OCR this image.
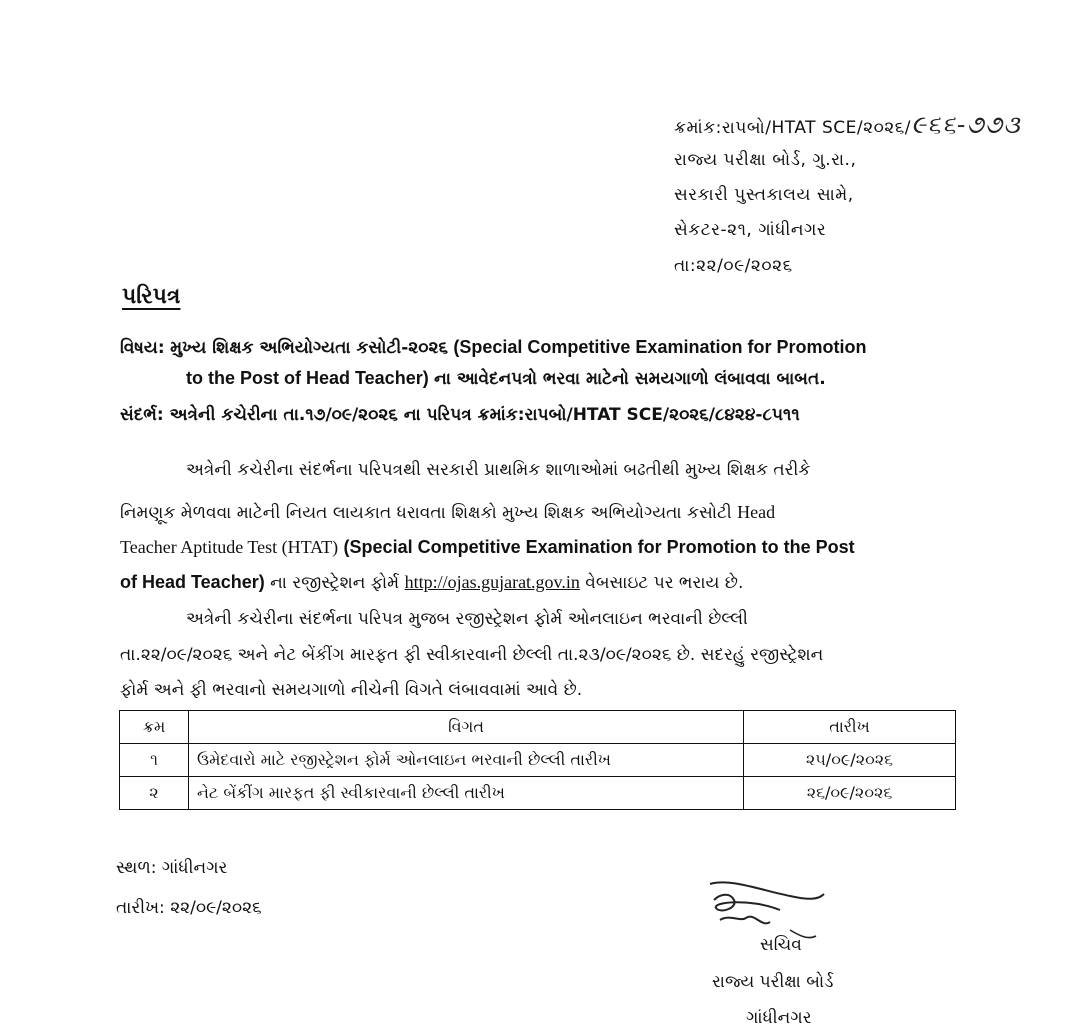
ક્રમાંક:રાપબો/HTAT SCE/૨૦૨૬/૯૬૬-૭૭૩
રાજ્ય પરીક્ષા બોર્ડ, ગુ.રા.,
સરકારી પુસ્તકાલય સામે,
સેકટર-૨૧, ગાંધીનગર
તા:૨૨/૦૯/૨૦૨૬
પરિપત્ર
વિષય: મુખ્ય શિક્ષક અભિયોગ્યતા કસોટી-૨૦૨૬ (Special Competitive Examination for Promotion
to the Post of Head Teacher) ના આવેદનપત્રો ભરવા માટેનો સમયગાળો લંબાવવા બાબત.
સંદર્ભ: અત્રેની કચેરીના તા.૧૭/૦૯/૨૦૨૬ ના પરિપત્ર ક્રમાંક:રાપબો/HTAT SCE/૨૦૨૬/૮૪૨૪-૮૫૧૧
અત્રેની કચેરીના સંદર્ભના પરિપત્રથી સરકારી પ્રાથમિક શાળાઓમાં બઢતીથી મુખ્ય શિક્ષક તરીકે
નિમણૂક મેળવવા માટેની નિયત લાયકાત ધરાવતા શિક્ષકો મુખ્ય શિક્ષક અભિયોગ્યતા કસોટી Head
Teacher Aptitude Test (HTAT) (Special Competitive Examination for Promotion to the Post
of Head Teacher) ના રજીસ્ટ્રેશન ફોર્મ http://ojas.gujarat.gov.in વેબસાઇટ પર ભરાય છે.
અત્રેની કચેરીના સંદર્ભના પરિપત્ર મુજબ રજીસ્ટ્રેશન ફોર્મ ઓનલાઇન ભરવાની છેલ્લી
તા.૨૨/૦૯/૨૦૨૬ અને નેટ બેંકીંગ મારફત ફી સ્વીકારવાની છેલ્લી તા.૨૩/૦૯/૨૦૨૬ છે. સદરહું રજીસ્ટ્રેશન
ફોર્મ અને ફી ભરવાનો સમયગાળો નીચેની વિગતે લંબાવવામાં આવે છે.
ક્રમ	વિગત	તારીખ
૧	ઉમેદવારો માટે રજીસ્ટ્રેશન ફોર્મ ઓનલાઇન ભરવાની છેલ્લી તારીખ	૨૫/૦૯/૨૦૨૬
૨	નેટ બેંકીંગ મારફત ફી સ્વીકારવાની છેલ્લી તારીખ	૨૬/૦૯/૨૦૨૬
સ્થળ: ગાંધીનગર
તારીખ: ૨૨/૦૯/૨૦૨૬
સચિવ
રાજ્ય પરીક્ષા બોર્ડ
ગાંધીનગર
